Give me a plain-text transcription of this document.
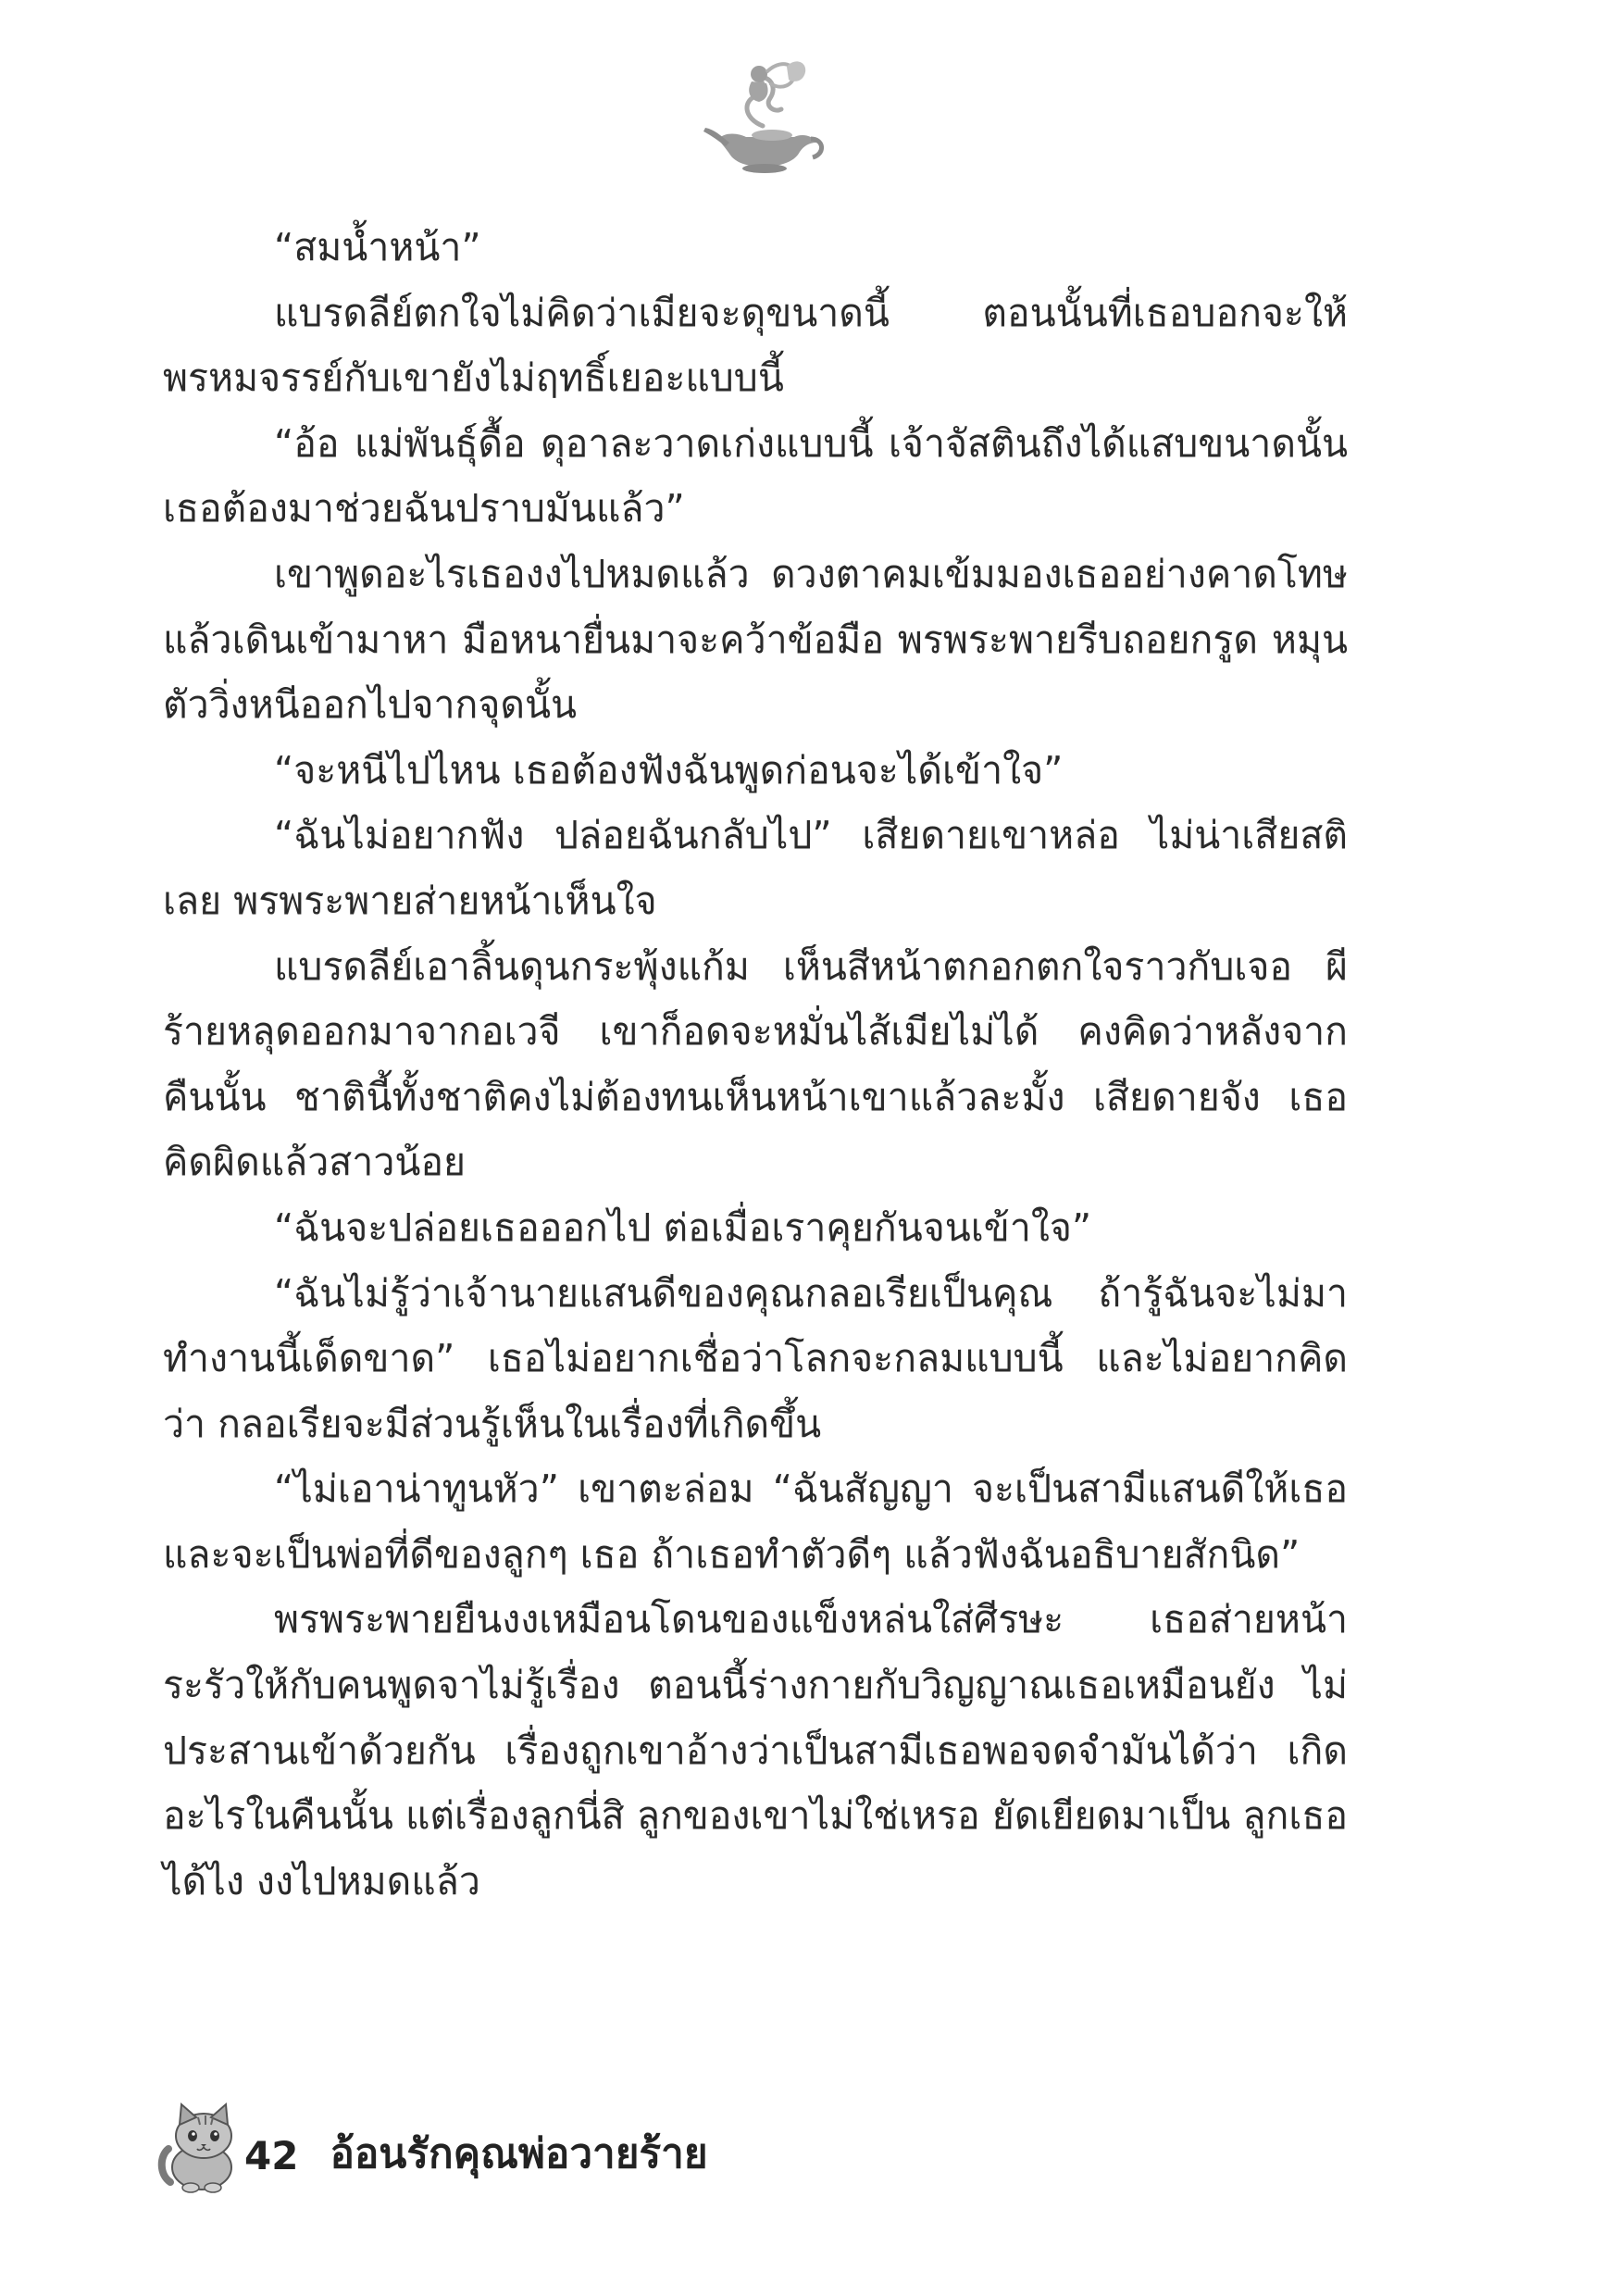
“สมน้ำหน้า”

แบรดลีย์ตกใจไม่คิดว่าเมียจะดุขนาดนี้ ตอนนั้นที่เธอบอกจะให้พรหมจรรย์กับเขายังไม่ฤทธิ์เยอะแบบนี้

“อ้อ แม่พันธุ์ดื้อ ดุอาละวาดเก่งแบบนี้ เจ้าจัสตินถึงได้แสบขนาดนั้น เธอต้องมาช่วยฉันปราบมันแล้ว”

เขาพูดอะไรเธองงไปหมดแล้ว ดวงตาคมเข้มมองเธออย่างคาดโทษ แล้วเดินเข้ามาหา มือหนายื่นมาจะคว้าข้อมือ พรพระพายรีบถอยกรูด หมุนตัววิ่งหนีออกไปจากจุดนั้น

“จะหนีไปไหน เธอต้องฟังฉันพูดก่อนจะได้เข้าใจ”

“ฉันไม่อยากฟัง ปล่อยฉันกลับไป” เสียดายเขาหล่อ ไม่น่าเสียสติ เลย พรพระพายส่ายหน้าเห็นใจ

แบรดลีย์เอาลิ้นดุนกระพุ้งแก้ม เห็นสีหน้าตกอกตกใจราวกับเจอ ผีร้ายหลุดออกมาจากอเวจี เขาก็อดจะหมั่นไส้เมียไม่ได้ คงคิดว่าหลังจาก คืนนั้น ชาตินี้ทั้งชาติคงไม่ต้องทนเห็นหน้าเขาแล้วละมั้ง เสียดายจัง เธอ คิดผิดแล้วสาวน้อย

“ฉันจะปล่อยเธอออกไป ต่อเมื่อเราคุยกันจนเข้าใจ”

“ฉันไม่รู้ว่าเจ้านายแสนดีของคุณกลอเรียเป็นคุณ ถ้ารู้ฉันจะไม่มา ทำงานนี้เด็ดขาด” เธอไม่อยากเชื่อว่าโลกจะกลมแบบนี้ และไม่อยากคิดว่า กลอเรียจะมีส่วนรู้เห็นในเรื่องที่เกิดขึ้น

“ไม่เอาน่าทูนหัว” เขาตะล่อม “ฉันสัญญา จะเป็นสามีแสนดีให้เธอ และจะเป็นพ่อที่ดีของลูกๆ เธอ ถ้าเธอทำตัวดีๆ แล้วฟังฉันอธิบายสักนิด”

พรพระพายยืนงงเหมือนโดนของแข็งหล่นใส่ศีรษะ เธอส่ายหน้า ระรัวให้กับคนพูดจาไม่รู้เรื่อง ตอนนี้ร่างกายกับวิญญาณเธอเหมือนยัง ไม่ประสานเข้าด้วยกัน เรื่องถูกเขาอ้างว่าเป็นสามีเธอพอจดจำมันได้ว่า เกิดอะไรในคืนนั้น แต่เรื่องลูกนี่สิ ลูกของเขาไม่ใช่เหรอ ยัดเยียดมาเป็น ลูกเธอได้ไง งงไปหมดแล้ว

42 อ้อนรักคุณพ่อวายร้าย
